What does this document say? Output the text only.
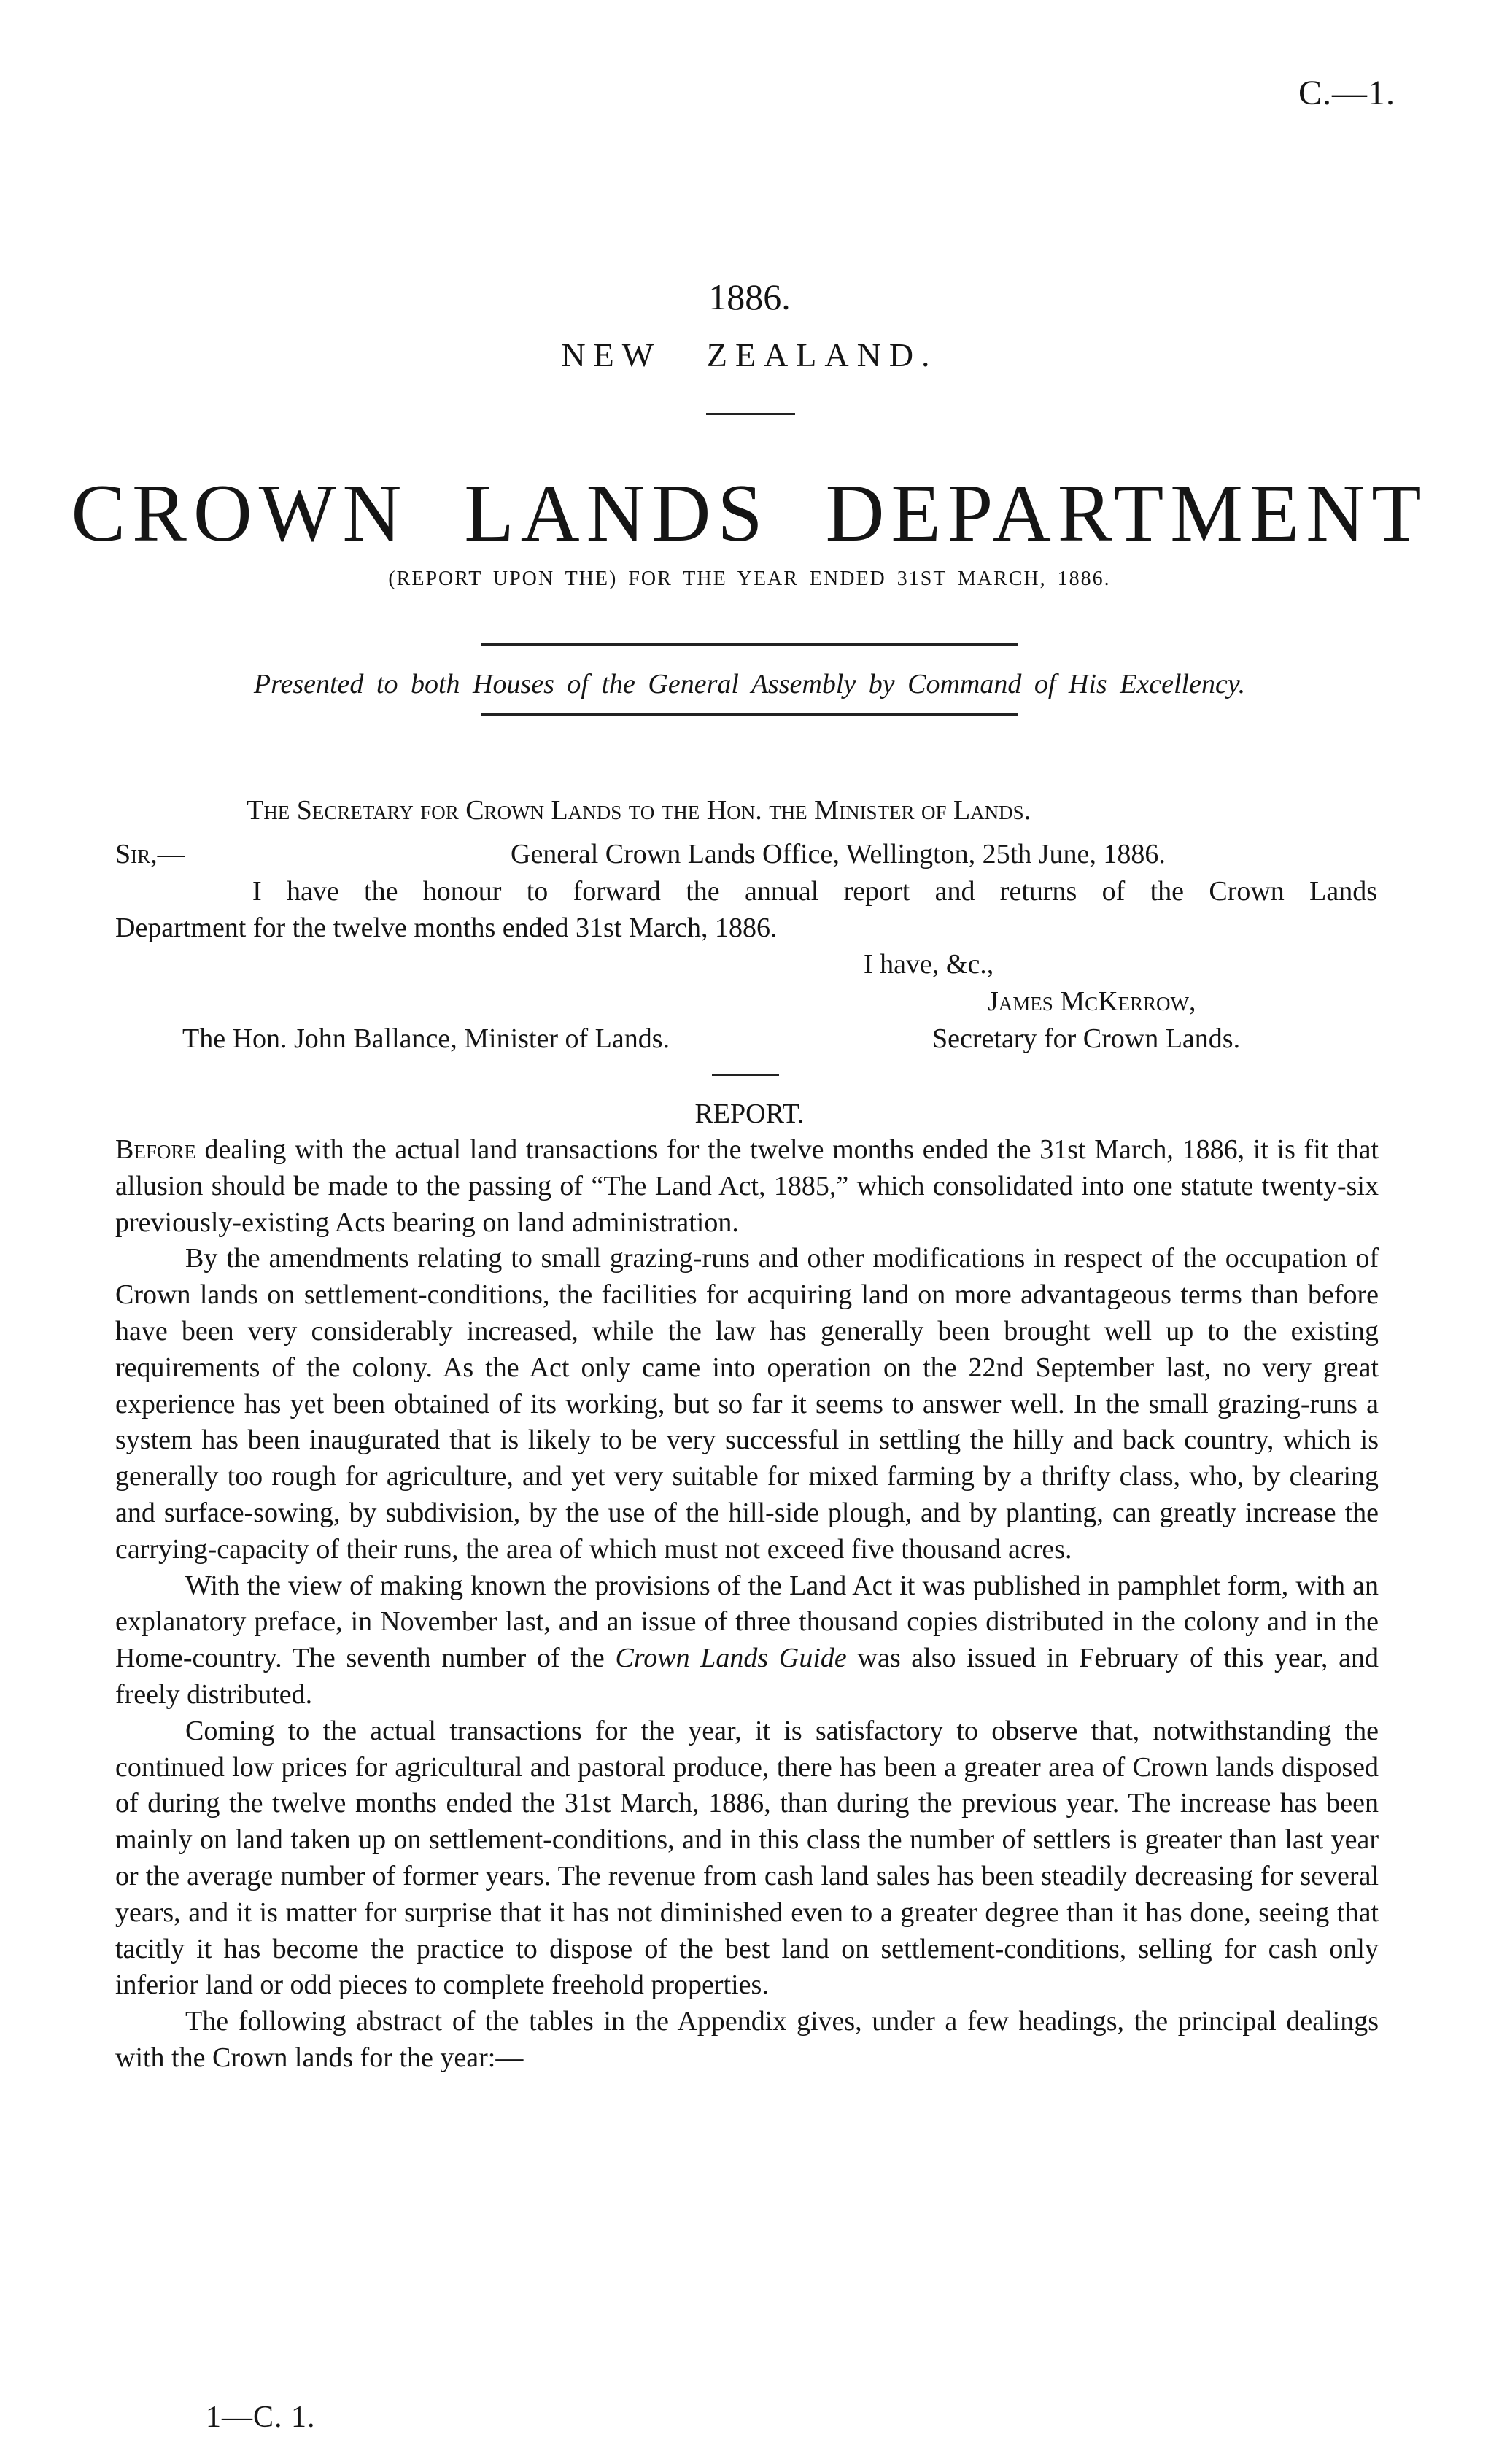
C.—1.
1886.
NEW ZEALAND.
CROWN LANDS DEPARTMENT
(REPORT UPON THE) FOR THE YEAR ENDED 31ST MARCH, 1886.
Presented to both Houses of the General Assembly by Command of His Excellency.
The Secretary for Crown Lands to the Hon. the Minister of Lands.
Sir,—	General Crown Lands Office, Wellington, 25th June, 1886.
I have the honour to forward the annual report and returns of the Crown Lands
Department for the twelve months ended 31st March, 1886.
I have, &c.,
James McKerrow,
The Hon. John Ballance, Minister of Lands.	Secretary for Crown Lands.
REPORT.

Before dealing with the actual land transactions for the twelve months ended the 31st March, 1886, it is fit that allusion should be made to the passing of “The Land Act, 1885,” which consolidated into one statute twenty-six previously-existing Acts bearing on land administration.

By the amendments relating to small grazing-runs and other modifications in respect of the occupation of Crown lands on settlement-conditions, the facilities for acquiring land on more advantageous terms than before have been very considerably increased, while the law has generally been brought well up to the existing requirements of the colony. As the Act only came into operation on the 22nd September last, no very great experience has yet been obtained of its working, but so far it seems to answer well. In the small grazing-runs a system has been inaugurated that is likely to be very successful in settling the hilly and back country, which is generally too rough for agriculture, and yet very suitable for mixed farming by a thrifty class, who, by clearing and surface-sowing, by subdivision, by the use of the hill-side plough, and by planting, can greatly increase the carrying-capacity of their runs, the area of which must not exceed five thousand acres.

With the view of making known the provisions of the Land Act it was published in pamphlet form, with an explanatory preface, in November last, and an issue of three thousand copies distributed in the colony and in the Home-country. The seventh number of the Crown Lands Guide was also issued in February of this year, and freely distributed.

Coming to the actual transactions for the year, it is satisfactory to observe that, notwithstanding the continued low prices for agricultural and pastoral produce, there has been a greater area of Crown lands disposed of during the twelve months ended the 31st March, 1886, than during the previous year. The increase has been mainly on land taken up on settlement-conditions, and in this class the number of settlers is greater than last year or the average number of former years. The revenue from cash land sales has been steadily decreasing for several years, and it is matter for surprise that it has not diminished even to a greater degree than it has done, seeing that tacitly it has become the practice to dispose of the best land on settlement-conditions, selling for cash only inferior land or odd pieces to complete freehold properties.

The following abstract of the tables in the Appendix gives, under a few headings, the principal dealings with the Crown lands for the year:—

1—C. 1.
